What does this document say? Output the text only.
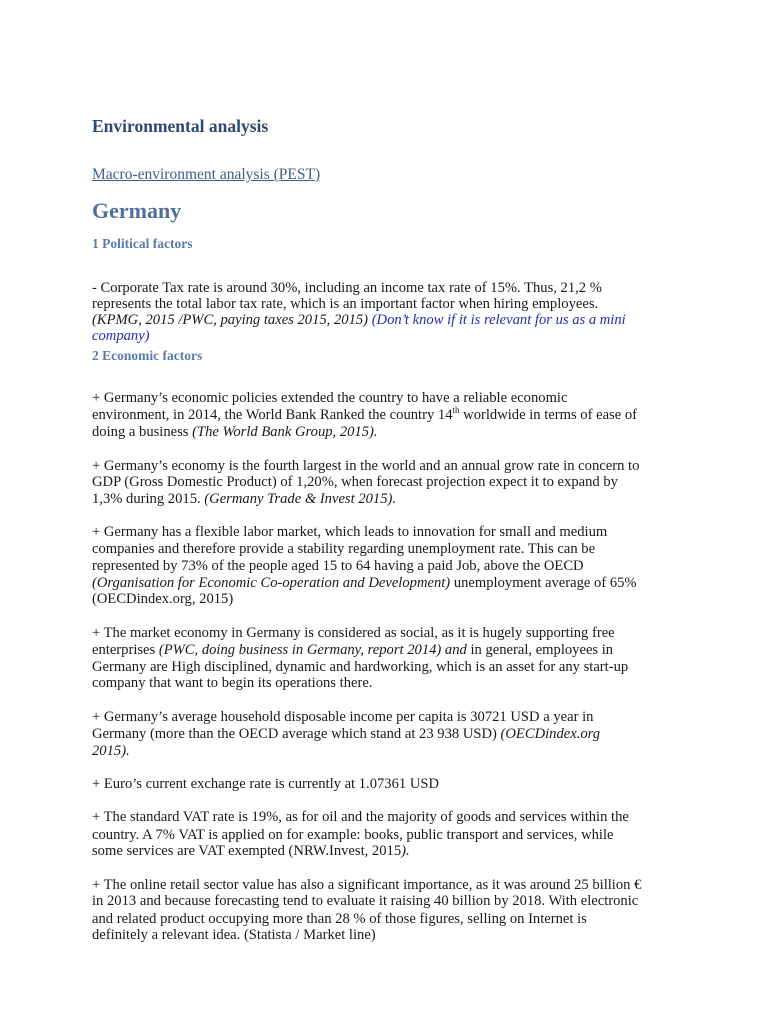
Environmental analysis
Macro-environment analysis (PEST)
Germany
1 Political factors
- Corporate Tax rate is around 30%, including an income tax rate of 15%. Thus, 21,2 %
represents the total labor tax rate, which is an important factor when hiring employees.
(KPMG, 2015 /PWC, paying taxes 2015, 2015) (Don’t know if it is relevant for us as a mini
company)
2 Economic factors
+ Germany’s economic policies extended the country to have a reliable economic
environment, in 2014, the World Bank Ranked the country 14th worldwide in terms of ease of
doing a business (The World Bank Group, 2015).
+ Germany’s economy is the fourth largest in the world and an annual grow rate in concern to
GDP (Gross Domestic Product) of 1,20%, when forecast projection expect it to expand by
1,3% during 2015. (Germany Trade & Invest 2015).
+ Germany has a flexible labor market, which leads to innovation for small and medium
companies and therefore provide a stability regarding unemployment rate. This can be
represented by 73% of the people aged 15 to 64 having a paid Job, above the OECD
(Organisation for Economic Co-operation and Development) unemployment average of 65%
(OECDindex.org, 2015)
+ The market economy in Germany is considered as social, as it is hugely supporting free
enterprises (PWC, doing business in Germany, report 2014) and in general, employees in
Germany are High disciplined, dynamic and hardworking, which is an asset for any start-up
company that want to begin its operations there.
+ Germany’s average household disposable income per capita is 30721 USD a year in
Germany (more than the OECD average which stand at 23 938 USD) (OECDindex.org
2015).
+ Euro’s current exchange rate is currently at 1.07361 USD
+ The standard VAT rate is 19%, as for oil and the majority of goods and services within the
country. A 7% VAT is applied on for example: books, public transport and services, while
some services are VAT exempted (NRW.Invest, 2015).
+ The online retail sector value has also a significant importance, as it was around 25 billion €
in 2013 and because forecasting tend to evaluate it raising 40 billion by 2018. With electronic
and related product occupying more than 28 % of those figures, selling on Internet is
definitely a relevant idea. (Statista / Market line)
